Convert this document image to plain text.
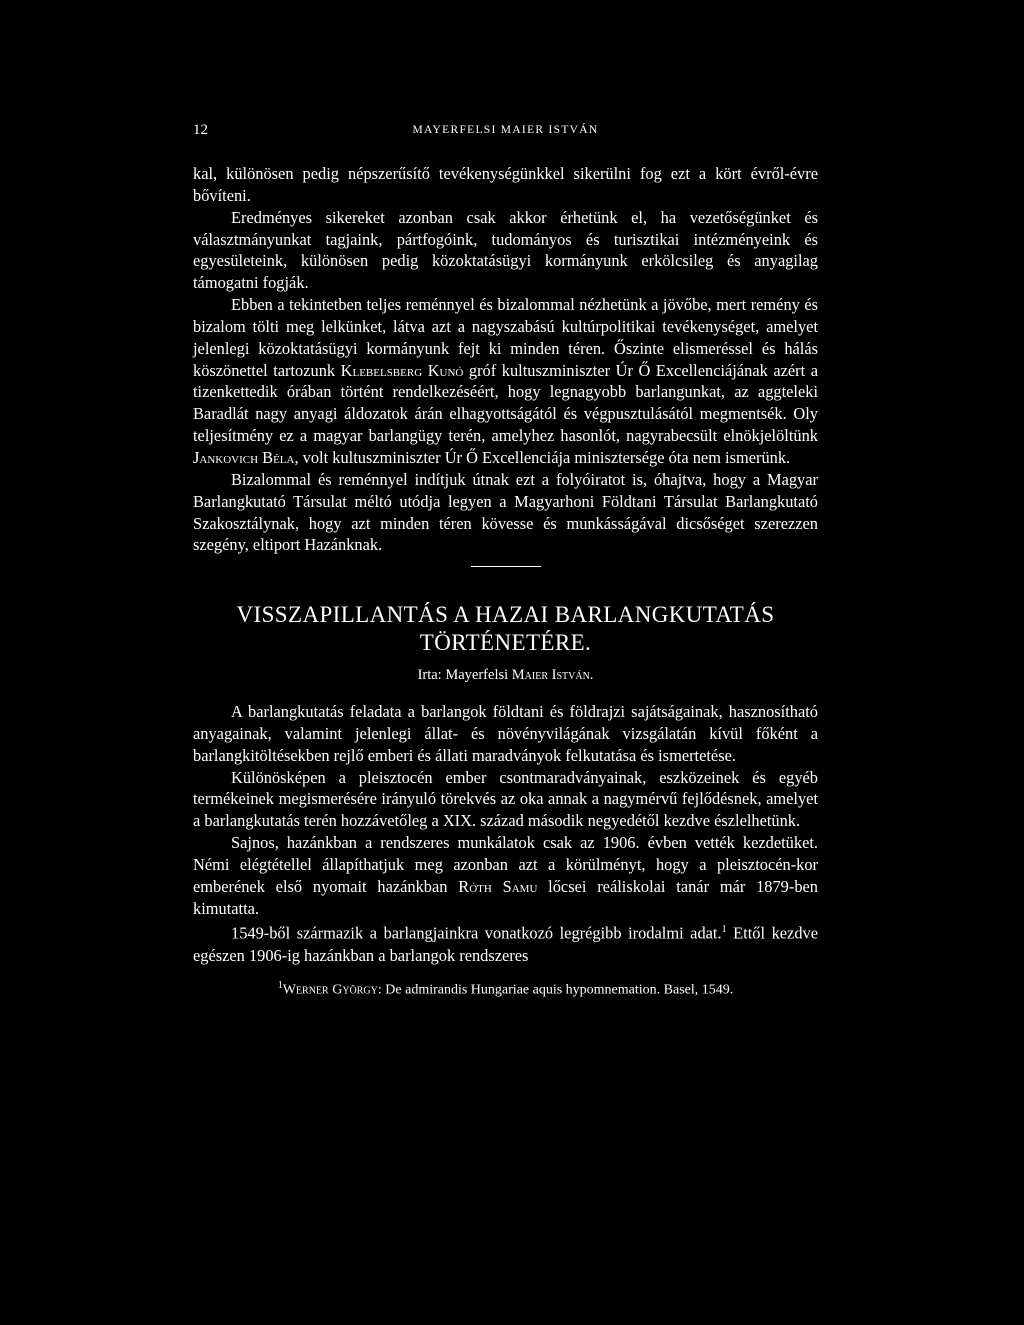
12	MAYERFELSI MAIER ISTVÁN

kal, különösen pedig népszerűsítő tevékenységünkkel sikerülni fog ezt a kört évről-évre bővíteni.

Eredményes sikereket azonban csak akkor érhetünk el, ha vezetőségünket és választmányunkat tagjaink, pártfogóink, tudományos és turisztikai intézményeink és egyesületeink, különösen pedig közoktatásügyi kormányunk erkölcsileg és anyagilag támogatni fogják.

Ebben a tekintetben teljes reménnyel és bizalommal nézhetünk a jövőbe, mert remény és bizalom tölti meg lelkünket, látva azt a nagyszabású kultúrpolitikai tevékenységet, amelyet jelenlegi közoktatásügyi kormányunk fejt ki minden téren. Őszinte elismeréssel és hálás köszönettel tartozunk Klebelsberg Kunó gróf kultuszminiszter Úr Ő Excellenciájának azért a tizenkettedik órában történt rendelkezéséért, hogy legnagyobb barlangunkat, az aggteleki Baradlát nagy anyagi áldozatok árán elhagyottságától és végpusztulásától megmentsék. Oly teljesítmény ez a magyar barlangügy terén, amelyhez hasonlót, nagyrabecsült elnökjelöltünk Jankovich Béla, volt kultuszminiszter Úr Ő Excellenciája minisztersége óta nem ismerünk.

Bizalommal és reménnyel indítjuk útnak ezt a folyóiratot is, óhajtva, hogy a Magyar Barlangkutató Társulat méltó utódja legyen a Magyarhoni Földtani Társulat Barlangkutató Szakosztálynak, hogy azt minden téren kövesse és munkásságával dicsőséget szerezzen szegény, eltiport Hazánknak.

VISSZAPILLANTÁS A HAZAI BARLANGKUTATÁS
TÖRTÉNETÉRE.
Irta: Mayerfelsi Maier István.

A barlangkutatás feladata a barlangok földtani és földrajzi sajátságainak, hasznosítható anyagainak, valamint jelenlegi állat- és növényvilágának vizsgálatán kívül főként a barlangkitöltésekben rejlő emberi és állati maradványok felkutatása és ismertetése.

Különösképen a pleisztocén ember csontmaradványainak, eszközeinek és egyéb termékeinek megismerésére irányuló törekvés az oka annak a nagymérvű fejlődésnek, amelyet a barlangkutatás terén hozzávetőleg a XIX. század második negyedétől kezdve észlelhetünk.

Sajnos, hazánkban a rendszeres munkálatok csak az 1906. évben vették kezdetüket. Némi elégtétellel állapíthatjuk meg azonban azt a körülményt, hogy a pleisztocén-kor emberének első nyomait hazánkban Róth Samu lőcsei reáliskolai tanár már 1879-ben kimutatta.

1549-ből származik a barlangjainkra vonatkozó legrégibb irodalmi adat.$^1$ Ettől kezdve egészen 1906-ig hazánkban a barlangok rendszeres

$^1$Werner György: De admirandis Hungariae aquis hypomnemation. Basel, 1549.
